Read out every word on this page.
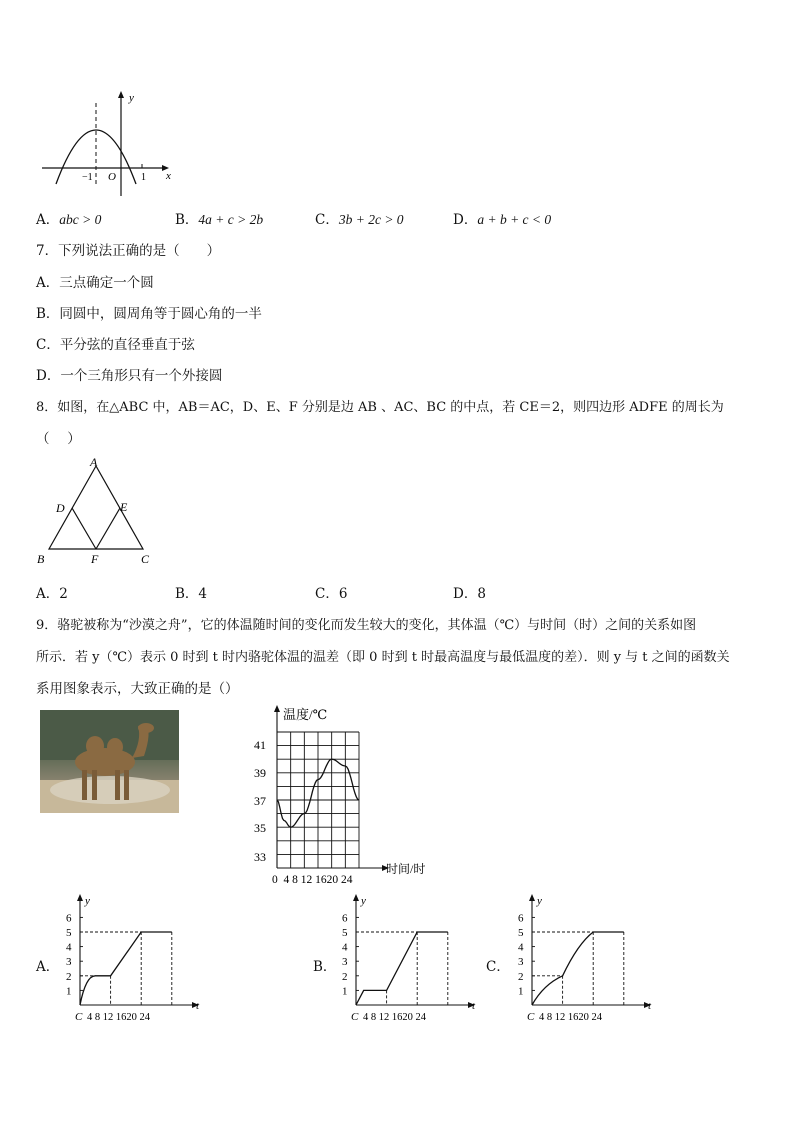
x
y
−1 O	1
A．abc > 0	B．4a + c > 2b	C．3b + 2c > 0	D．a + b + c < 0
7．下列说法正确的是（　　）
A．三点确定一个圆
B．同圆中，圆周角等于圆心角的一半
C．平分弦的直径垂直于弦
D．一个三角形只有一个外接圆
8．如图，在△ABC 中，AB＝AC，D、E、F 分别是边 AB 、AC、BC 的中点，若 CE＝2，则四边形 ADFE 的周长为
（　 ）
A
D	E
B	F	C
A．2	B．4	C．6	D．8
9．骆驼被称为“沙漠之舟”，它的体温随时间的变化而发生较大的变化，其体温（℃）与时间（时）之间的关系如图
所示．若 y（℃）表示 0 时到 t 时内骆驼体温的温差（即 0 时到 t 时最高温度与最低温度的差）．则 y 与 t 之间的函数关
系用图象表示，大致正确的是（）
温度/℃
时间/时
41
39
37
35
33
0  4 8 12 1620 24
A．	B．	C．
y
t
6
5
4
3
2
1
C 4 8 12 1620 24
y
t
6
5
4
3
2
1
C 4 8 12 1620 24
y
t
6
5
4
3
2
1
C 4 8 12 1620 24
